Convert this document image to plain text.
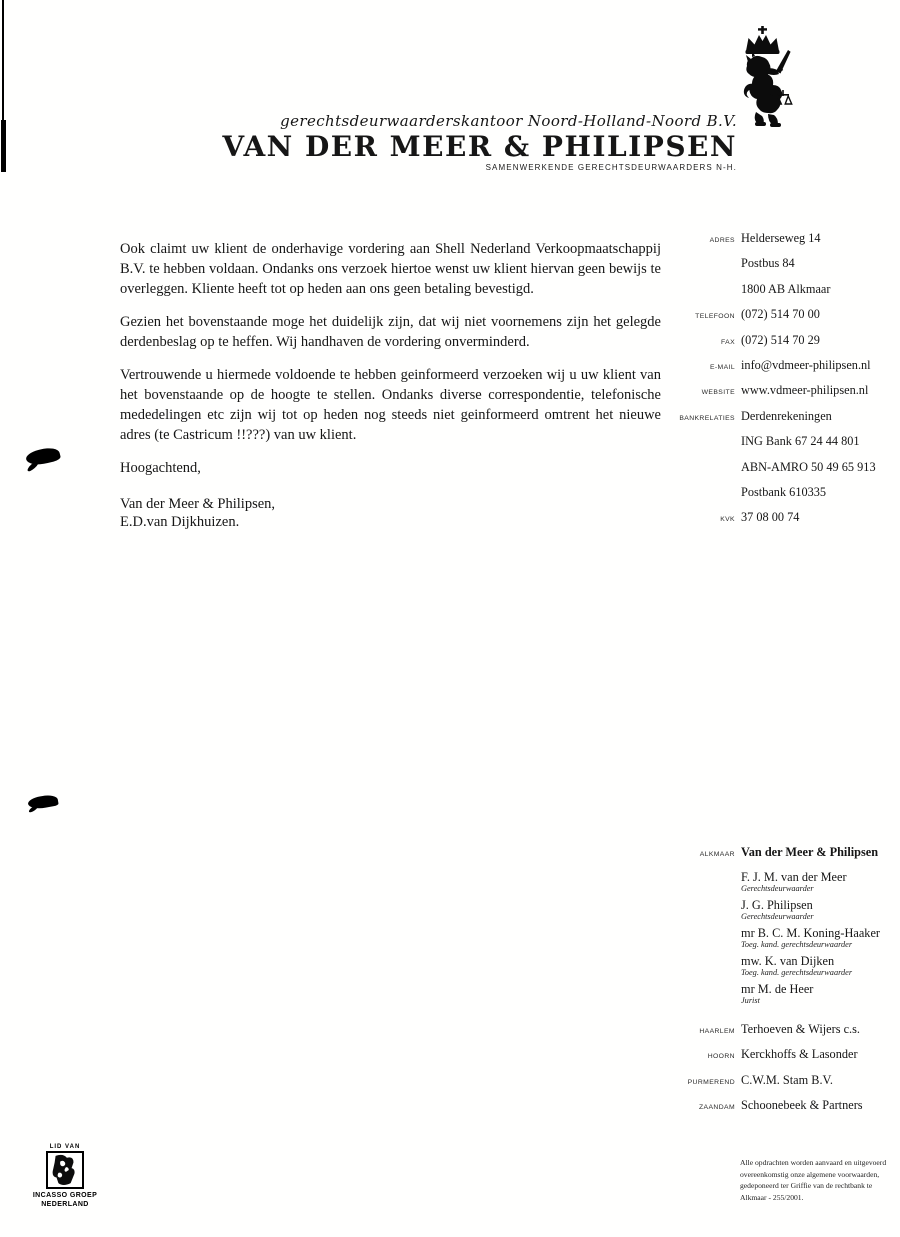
gerechtsdeurwaarderskantoor Noord-Holland-Noord B.V.
VAN DER MEER & PHILIPSEN
SAMENWERKENDE GERECHTSDEURWAARDERS N-H.

Ook claimt uw klient de onderhavige vordering aan Shell Nederland Verkoopmaatschappij B.V. te hebben voldaan. Ondanks ons verzoek hiertoe wenst uw klient hiervan geen bewijs te overleggen. Kliente heeft tot op heden aan ons geen betaling bevestigd.

Gezien het bovenstaande moge het duidelijk zijn, dat wij niet voornemens zijn het gelegde derdenbeslag op te heffen. Wij handhaven de vordering onverminderd.

Vertrouwende u hiermede voldoende te hebben geinformeerd verzoeken wij u uw klient van het bovenstaande op de hoogte te stellen. Ondanks diverse correspondentie, telefonische mededelingen etc zijn wij tot op heden nog steeds niet geinformeerd omtrent het nieuwe adres (te Castricum !!???) van uw klient.

Hoogachtend,
Van der Meer & Philipsen,
E.D.van Dijkhuizen.
ADRES Helderseweg 14
Postbus 84
1800 AB Alkmaar
TELEFOON (072) 514 70 00
FAX (072) 514 70 29
E-MAIL info@vdmeer-philipsen.nl
WEBSITE www.vdmeer-philipsen.nl
BANKRELATIES Derdenrekeningen
ING Bank 67 24 44 801
ABN-AMRO 50 49 65 913
Postbank 610335
KVK 37 08 00 74
ALKMAAR Van der Meer & Philipsen
F. J. M. van der Meer
Gerechtsdeurwaarder
J. G. Philipsen
Gerechtsdeurwaarder
mr B. C. M. Koning-Haaker
Toeg. kand. gerechtsdeurwaarder
mw. K. van Dijken
Toeg. kand. gerechtsdeurwaarder
mr M. de Heer
Jurist
HAARLEM Terhoeven & Wijers c.s.
HOORN Kerckhoffs & Lasonder
PURMEREND C.W.M. Stam B.V.
ZAANDAM Schoonebeek & Partners
LID VAN
INCASSO GROEP
NEDERLAND
Alle opdrachten worden aanvaard en uitgevoerd overeenkomstig onze algemene voorwaarden, gedeponeerd ter Griffie van de rechtbank te Alkmaar - 255/2001.
